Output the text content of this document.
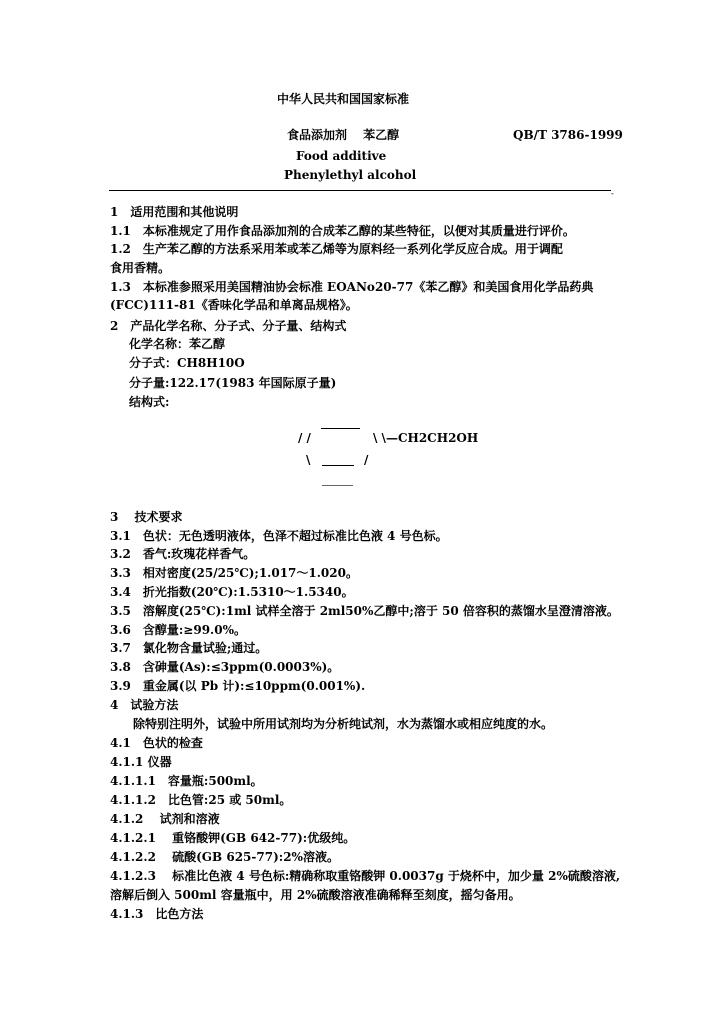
中华人民共和国国家标准
食品添加剂　 苯乙醇	QB/T 3786-1999
Food additive
Phenylethyl alcohol
-
1　适用范围和其他说明
1.1　本标准规定了用作食品添加剂的合成苯乙醇的某些特征，以便对其质量进行评价。
1.2　生产苯乙醇的方法系采用苯或苯乙烯等为原料经一系列化学反应合成。用于调配
食用香精。
1.3　本标准参照采用美国精油协会标准 EOANo20-77《苯乙醇》和美国食用化学品药典
(FCC)111-81《香味化学品和单离品规格》。
2　产品化学名称、分子式、分子量、结构式
化学名称：苯乙醇
分子式：CH8H10O
分子量:122.17(1983 年国际原子量)
结构式:
/ /	\ \—CH2CH2OH
\	/
3　 技术要求
3.1　色状：无色透明液体，色泽不超过标准比色液 4 号色标。
3.2　香气:玫瑰花样香气。
3.3　相对密度(25/25℃);1.017～1.020。
3.4　折光指数(20℃):1.5310～1.5340。
3.5　溶解度(25℃):1ml 试样全溶于 2ml50%乙醇中;溶于 50 倍容积的蒸馏水呈澄清溶液。
3.6　含醇量:≥99.0%。
3.7　氯化物含量试验;通过。
3.8　含砷量(As):≤3ppm(0.0003%)。
3.9　重金属(以 Pb 计):≤10ppm(0.001%).
4　试验方法
除特别注明外，试验中所用试剂均为分析纯试剂，水为蒸馏水或相应纯度的水。
4.1　色状的检查
4.1.1 仪器
4.1.1.1　容量瓶:500ml。
4.1.1.2　比色管:25 或 50ml。
4.1.2　 试剂和溶液
4.1.2.1　 重铬酸钾(GB 642-77):优级纯。
4.1.2.2　 硫酸(GB 625-77):2%溶液。
4.1.2.3　 标准比色液 4 号色标:精确称取重铬酸钾 0.0037g 于烧杯中，加少量 2%硫酸溶液,
溶解后倒入 500ml 容量瓶中，用 2%硫酸溶液准确稀释至刻度，摇匀备用。
4.1.3　比色方法
